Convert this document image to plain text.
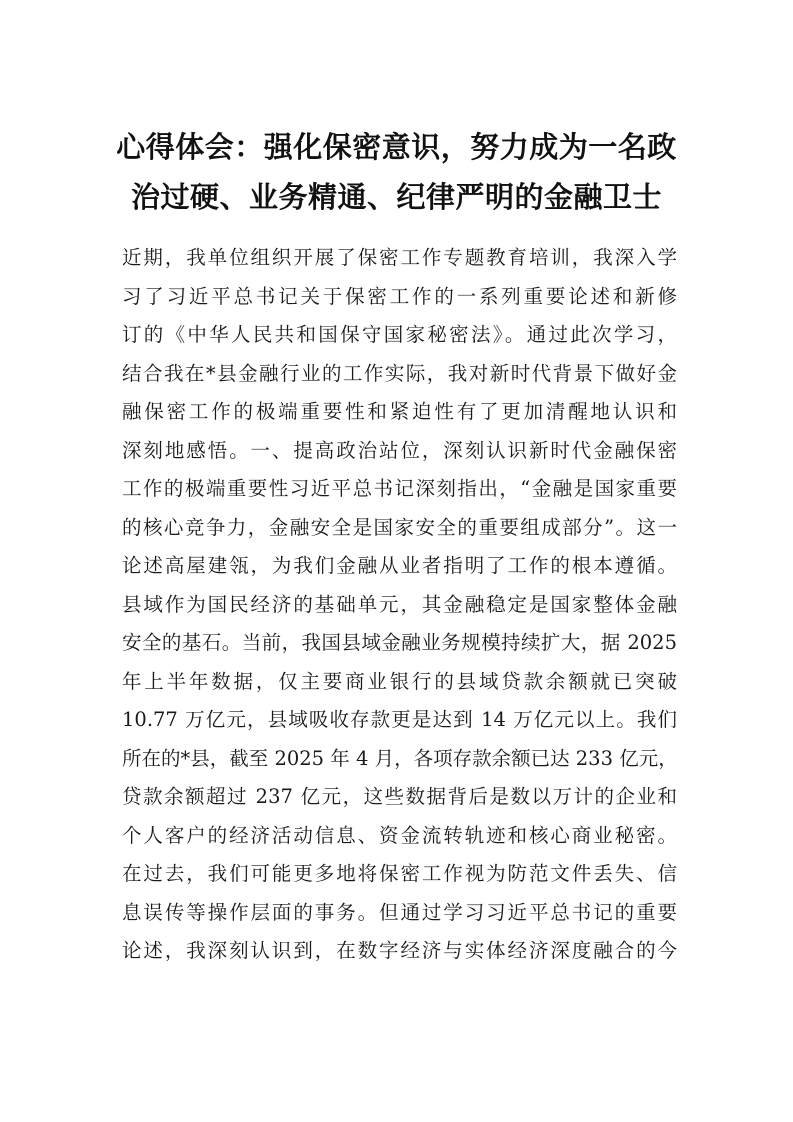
心得体会：强化保密意识，努力成为一名政
治过硬、业务精通、纪律严明的金融卫士
近期，我单位组织开展了保密工作专题教育培训，我深入学
习了习近平总书记关于保密工作的一系列重要论述和新修
订的《中华人民共和国保守国家秘密法》。通过此次学习，
结合我在*县金融行业的工作实际，我对新时代背景下做好金
融保密工作的极端重要性和紧迫性有了更加清醒地认识和
深刻地感悟。一、提高政治站位，深刻认识新时代金融保密
工作的极端重要性习近平总书记深刻指出，“金融是国家重要
的核心竞争力，金融安全是国家安全的重要组成部分”。这一
论述高屋建瓴，为我们金融从业者指明了工作的根本遵循。
县域作为国民经济的基础单元，其金融稳定是国家整体金融
安全的基石。当前，我国县域金融业务规模持续扩大，据 2025
年上半年数据，仅主要商业银行的县域贷款余额就已突破
10.77 万亿元，县域吸收存款更是达到 14 万亿元以上。我们
所在的*县，截至 2025 年 4 月，各项存款余额已达 233 亿元，
贷款余额超过 237 亿元，这些数据背后是数以万计的企业和
个人客户的经济活动信息、资金流转轨迹和核心商业秘密。
在过去，我们可能更多地将保密工作视为防范文件丢失、信
息误传等操作层面的事务。但通过学习习近平总书记的重要
论述，我深刻认识到，在数字经济与实体经济深度融合的今
